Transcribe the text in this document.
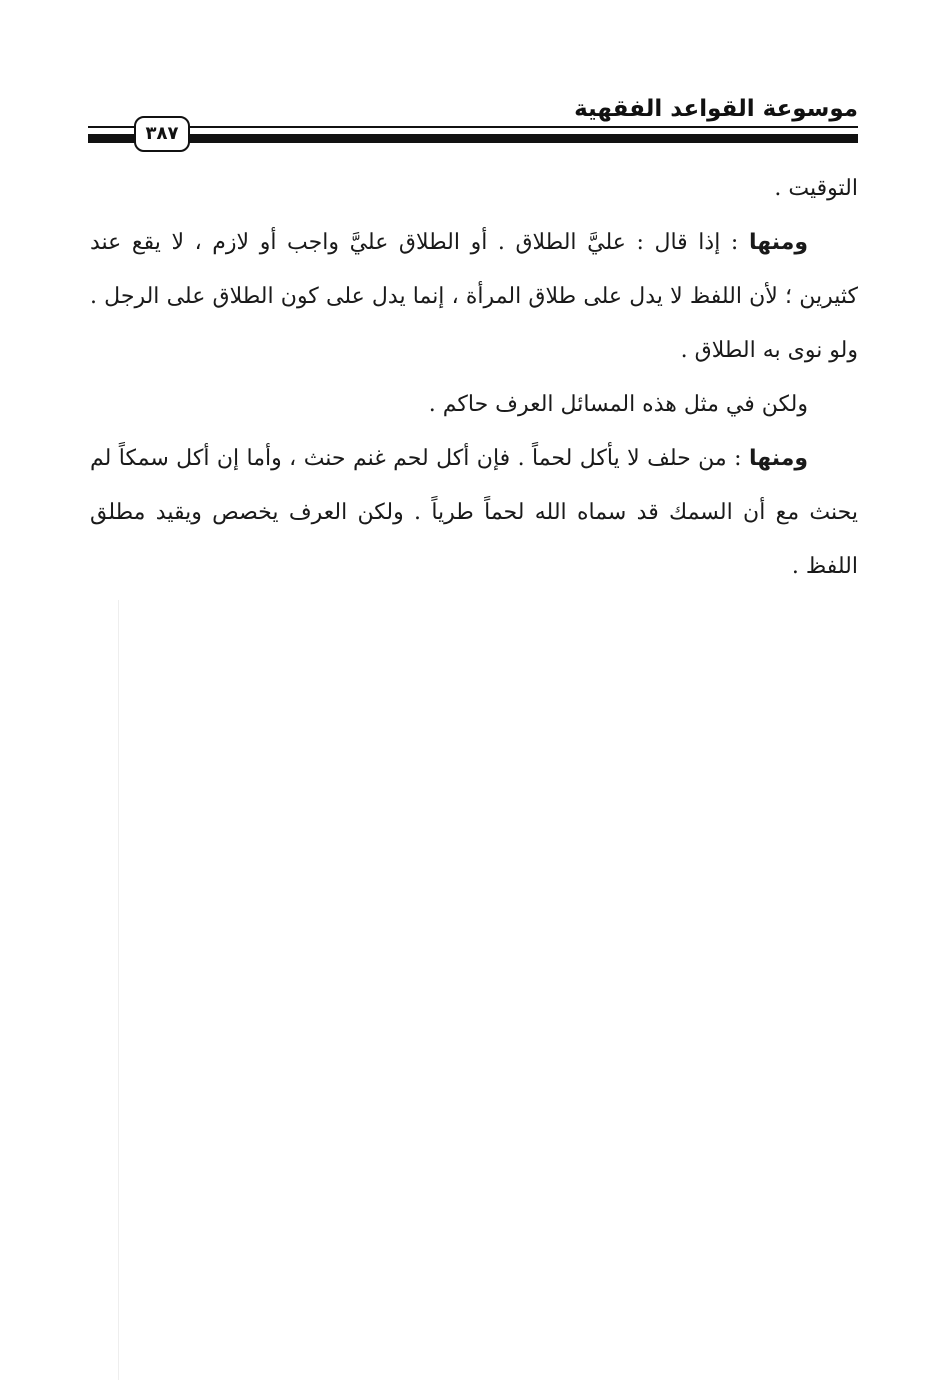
موسوعة القواعد الفقهية
٣٨٧

التوقيت .

ومنها : إذا قال : عليَّ الطلاق . أو الطلاق عليَّ واجب أو لازم ، لا يقع عند كثيرين ؛ لأن اللفظ لا يدل على طلاق المرأة ، إنما يدل على كون الطلاق على الرجل . ولو نوى به الطلاق .

ولكن في مثل هذه المسائل العرف حاكم .

ومنها : من حلف لا يأكل لحماً . فإن أكل لحم غنم حنث ، وأما إن أكل سمكاً لم يحنث مع أن السمك قد سماه الله لحماً طرياً . ولكن العرف يخصص ويقيد مطلق اللفظ .
